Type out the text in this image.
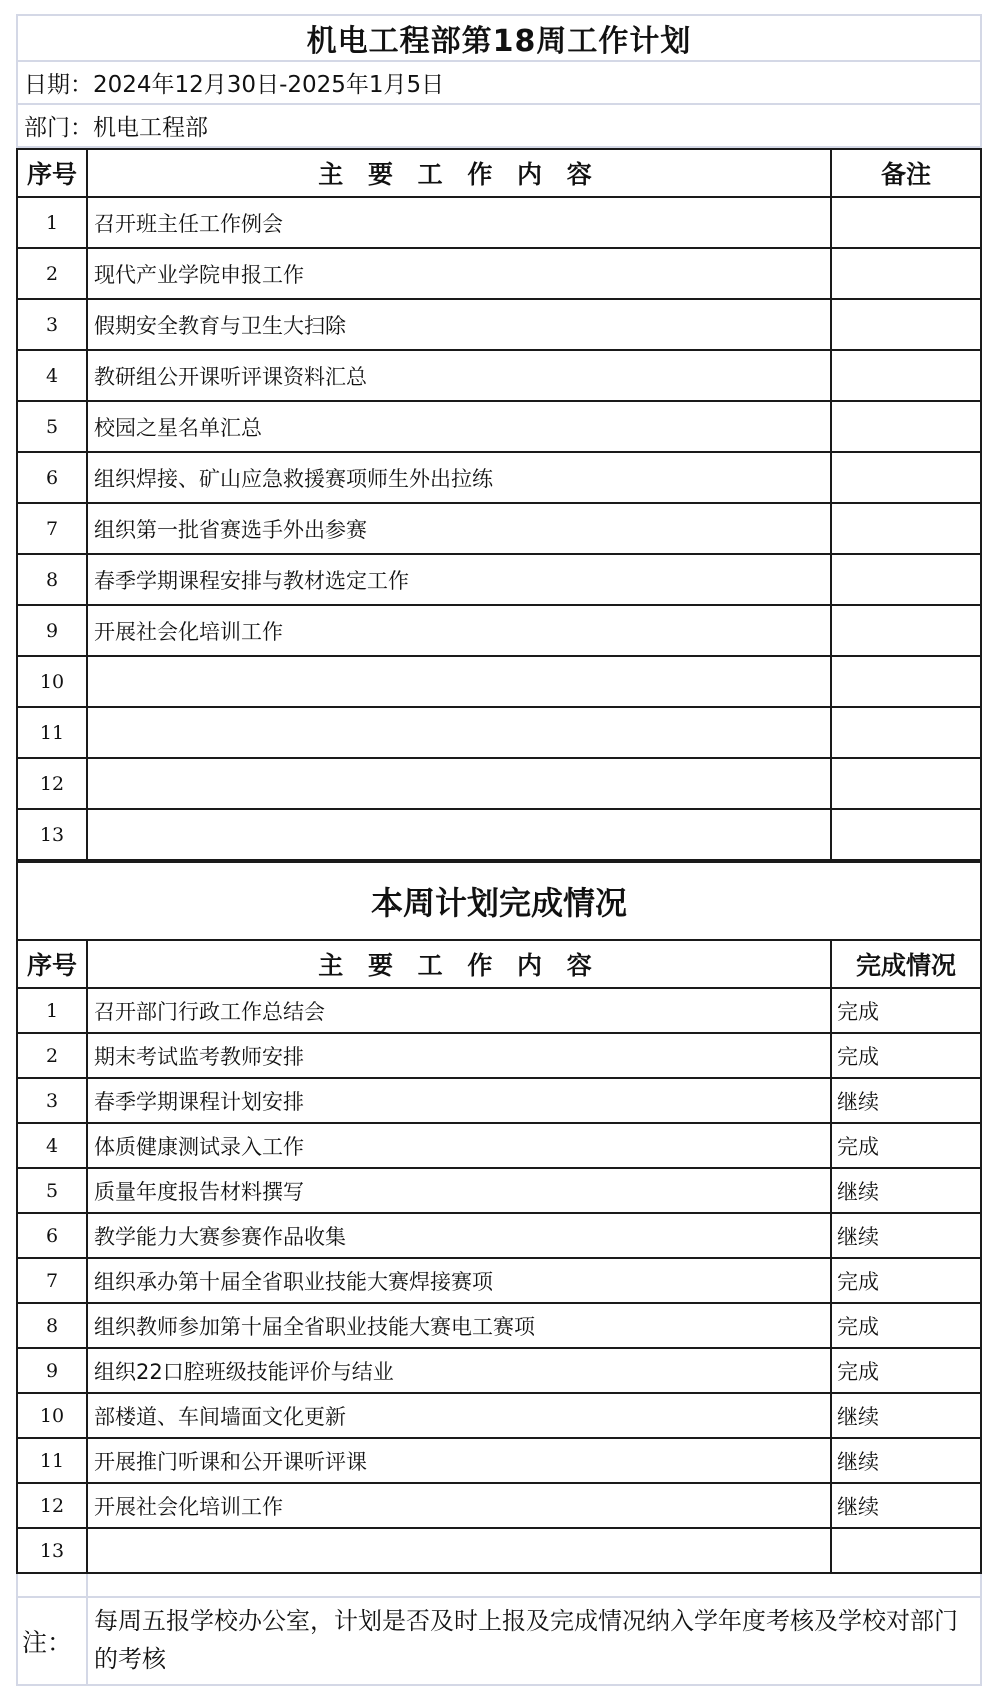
机电工程部第18周工作计划
日期：2024年12月30日-2025年1月5日
部门：机电工程部
序号	主 要 工 作 内 容	备注
1	召开班主任工作例会	
2	现代产业学院申报工作	
3	假期安全教育与卫生大扫除	
4	教研组公开课听评课资料汇总	
5	校园之星名单汇总	
6	组织焊接、矿山应急救援赛项师生外出拉练	
7	组织第一批省赛选手外出参赛	
8	春季学期课程安排与教材选定工作	
9	开展社会化培训工作	
10		
11		
12		
13		
本周计划完成情况
序号	主 要 工 作 内 容	完成情况
1	召开部门行政工作总结会	完成
2	期末考试监考教师安排	完成
3	春季学期课程计划安排	继续
4	体质健康测试录入工作	完成
5	质量年度报告材料撰写	继续
6	教学能力大赛参赛作品收集	继续
7	组织承办第十届全省职业技能大赛焊接赛项	完成
8	组织教师参加第十届全省职业技能大赛电工赛项	完成
9	组织22口腔班级技能评价与结业	完成
10	部楼道、车间墙面文化更新	继续
11	开展推门听课和公开课听评课	继续
12	开展社会化培训工作	继续
13		

注：	每周五报学校办公室，计划是否及时上报及完成情况纳入学年度考核及学校对部门的考核
